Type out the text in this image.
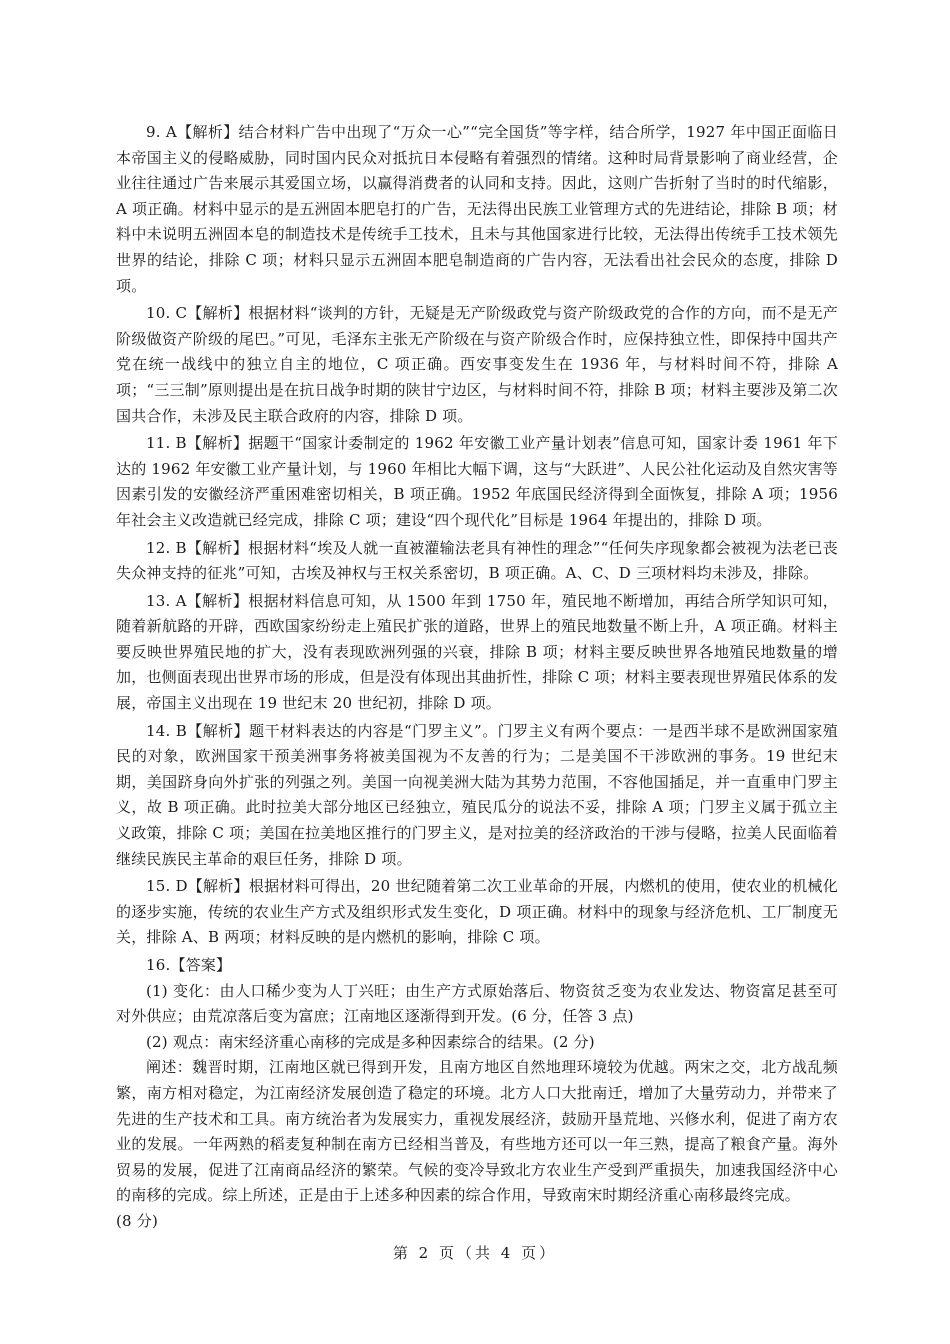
9. A【解析】结合材料广告中出现了“万众一心”“完全国货”等字样，结合所学，1927 年中国正面临日本帝国主义的侵略威胁，同时国内民众对抵抗日本侵略有着强烈的情绪。这种时局背景影响了商业经营，企业往往通过广告来展示其爱国立场，以赢得消费者的认同和支持。因此，这则广告折射了当时的时代缩影，A 项正确。材料中显示的是五洲固本肥皂打的广告，无法得出民族工业管理方式的先进结论，排除 B 项；材料中未说明五洲固本皂的制造技术是传统手工技术，且未与其他国家进行比较，无法得出传统手工技术领先世界的结论，排除 C 项；材料只显示五洲固本肥皂制造商的广告内容，无法看出社会民众的态度，排除 D 项。

10. C【解析】根据材料“谈判的方针，无疑是无产阶级政党与资产阶级政党的合作的方向，而不是无产阶级做资产阶级的尾巴。”可见，毛泽东主张无产阶级在与资产阶级合作时，应保持独立性，即保持中国共产党在统一战线中的独立自主的地位，C 项正确。西安事变发生在 1936 年，与材料时间不符，排除 A 项；“三三制”原则提出是在抗日战争时期的陕甘宁边区，与材料时间不符，排除 B 项；材料主要涉及第二次国共合作，未涉及民主联合政府的内容，排除 D 项。

11. B【解析】据题干“国家计委制定的 1962 年安徽工业产量计划表”信息可知，国家计委 1961 年下达的 1962 年安徽工业产量计划，与 1960 年相比大幅下调，这与“大跃进”、人民公社化运动及自然灾害等因素引发的安徽经济严重困难密切相关，B 项正确。1952 年底国民经济得到全面恢复，排除 A 项；1956 年社会主义改造就已经完成，排除 C 项；建设“四个现代化”目标是 1964 年提出的，排除 D 项。

12. B【解析】根据材料“埃及人就一直被灌输法老具有神性的理念”“任何失序现象都会被视为法老已丧失众神支持的征兆”可知，古埃及神权与王权关系密切，B 项正确。A、C、D 三项材料均未涉及，排除。

13. A【解析】根据材料信息可知，从 1500 年到 1750 年，殖民地不断增加，再结合所学知识可知，随着新航路的开辟，西欧国家纷纷走上殖民扩张的道路，世界上的殖民地数量不断上升，A 项正确。材料主要反映世界殖民地的扩大，没有表现欧洲列强的兴衰，排除 B 项；材料主要反映世界各地殖民地数量的增加，也侧面表现出世界市场的形成，但是没有体现出其曲折性，排除 C 项；材料主要表现世界殖民体系的发展，帝国主义出现在 19 世纪末 20 世纪初，排除 D 项。

14. B【解析】题干材料表达的内容是“门罗主义”。门罗主义有两个要点：一是西半球不是欧洲国家殖民的对象，欧洲国家干预美洲事务将被美国视为不友善的行为；二是美国不干涉欧洲的事务。19 世纪末期，美国跻身向外扩张的列强之列。美国一向视美洲大陆为其势力范围，不容他国插足，并一直重申门罗主义，故 B 项正确。此时拉美大部分地区已经独立，殖民瓜分的说法不妥，排除 A 项；门罗主义属于孤立主义政策，排除 C 项；美国在拉美地区推行的门罗主义，是对拉美的经济政治的干涉与侵略，拉美人民面临着继续民族民主革命的艰巨任务，排除 D 项。

15. D【解析】根据材料可得出，20 世纪随着第二次工业革命的开展，内燃机的使用，使农业的机械化的逐步实施，传统的农业生产方式及组织形式发生变化，D 项正确。材料中的现象与经济危机、工厂制度无关，排除 A、B 两项；材料反映的是内燃机的影响，排除 C 项。

16.【答案】

(1) 变化：由人口稀少变为人丁兴旺；由生产方式原始落后、物资贫乏变为农业发达、物资富足甚至可对外供应；由荒凉落后变为富庶；江南地区逐渐得到开发。(6 分，任答 3 点)

(2) 观点：南宋经济重心南移的完成是多种因素综合的结果。(2 分)

阐述：魏晋时期，江南地区就已得到开发，且南方地区自然地理环境较为优越。两宋之交，北方战乱频繁，南方相对稳定，为江南经济发展创造了稳定的环境。北方人口大批南迁，增加了大量劳动力，并带来了先进的生产技术和工具。南方统治者为发展实力，重视发展经济，鼓励开垦荒地、兴修水利，促进了南方农业的发展。一年两熟的稻麦复种制在南方已经相当普及，有些地方还可以一年三熟，提高了粮食产量。海外贸易的发展，促进了江南商品经济的繁荣。气候的变冷导致北方农业生产受到严重损失，加速我国经济中心的南移的完成。综上所述，正是由于上述多种因素的综合作用，导致南宋时期经济重心南移最终完成。

(8 分)

第 2 页（共 4 页）
